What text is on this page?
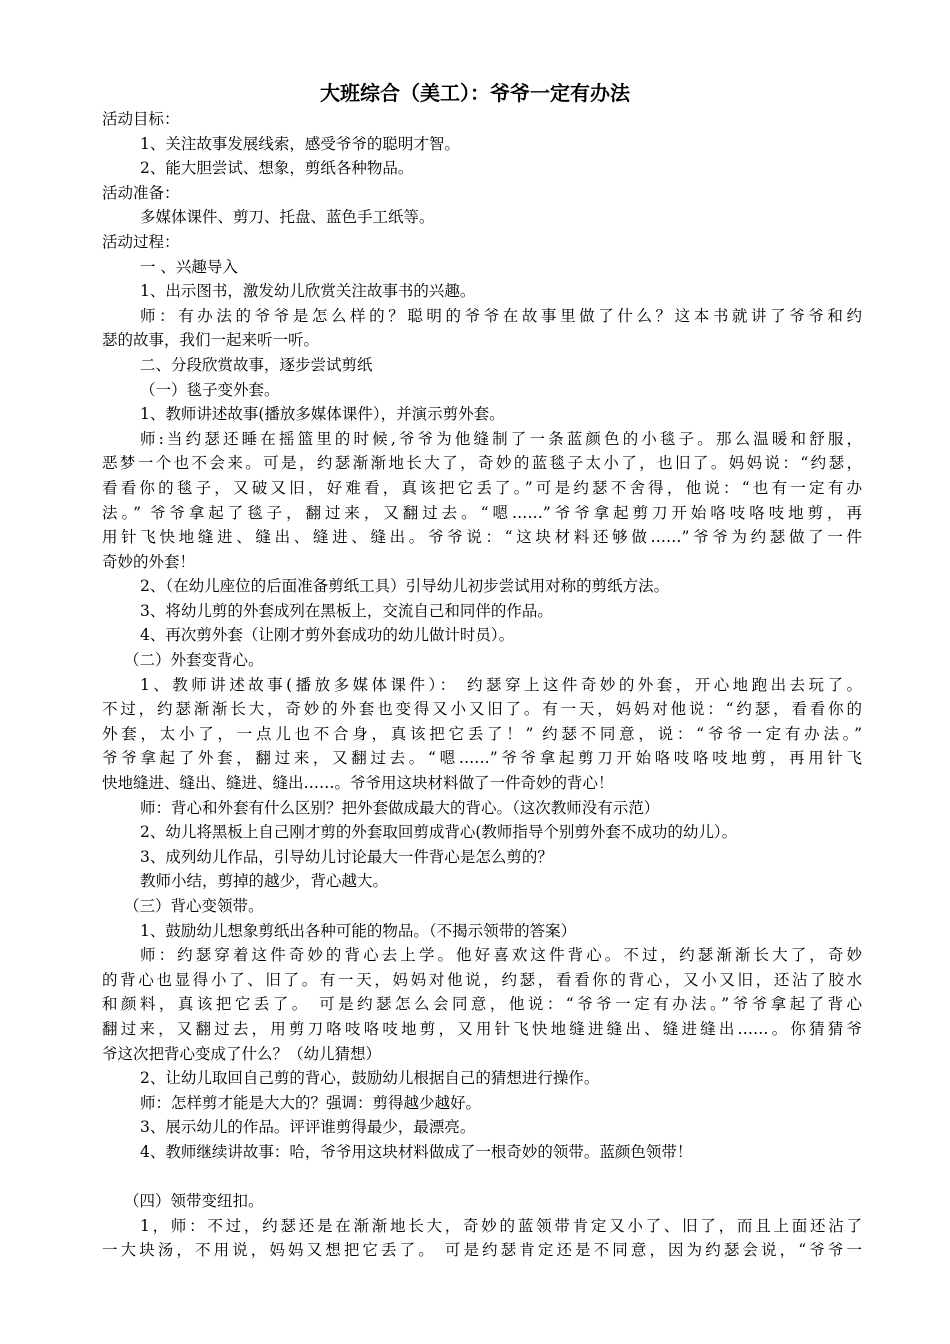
大班综合（美工）：爷爷一定有办法
活动目标：
1、关注故事发展线索，感受爷爷的聪明才智。
2、能大胆尝试、想象，剪纸各种物品。
活动准备：
多媒体课件、剪刀、托盘、蓝色手工纸等。
活动过程：
一 、兴趣导入
1、出示图书，激发幼儿欣赏关注故事书的兴趣。
师：有办法的爷爷是怎么样的？聪明的爷爷在故事里做了什么？这本书就讲了爷爷和约
瑟的故事，我们一起来听一听。
二、分段欣赏故事，逐步尝试剪纸
（一）毯子变外套。
1、教师讲述故事(播放多媒体课件），并演示剪外套。
师:当约瑟还睡在摇篮里的时候,爷爷为他缝制了一条蓝颜色的小毯子。那么温暖和舒服，
恶梦一个也不会来。可是，约瑟渐渐地长大了，奇妙的蓝毯子太小了，也旧了。妈妈说：“约瑟，
看看你的毯子，又破又旧，好难看，真该把它丢了。”可是约瑟不舍得，他说：“也有一定有办
法。” 爷爷拿起了毯子，翻过来，又翻过去。“嗯……”爷爷拿起剪刀开始咯吱咯吱地剪，再
用针飞快地缝进、缝出、缝进、缝出。爷爷说：“这块材料还够做……”爷爷为约瑟做了一件
奇妙的外套！
2、（在幼儿座位的后面准备剪纸工具）引导幼儿初步尝试用对称的剪纸方法。
3、将幼儿剪的外套成列在黑板上，交流自己和同伴的作品。
4、再次剪外套（让刚才剪外套成功的幼儿做计时员）。
（二）外套变背心。
1、教师讲述故事(播放多媒体课件）： 约瑟穿上这件奇妙的外套，开心地跑出去玩了。
不过，约瑟渐渐长大，奇妙的外套也变得又小又旧了。有一天，妈妈对他说：“约瑟，看看你的
外套，太小了，一点儿也不合身，真该把它丢了！” 约瑟不同意，说：“爷爷一定有办法。”
爷爷拿起了外套，翻过来，又翻过去。“嗯……”爷爷拿起剪刀开始咯吱咯吱地剪，再用针飞
快地缝进、缝出、缝进、缝出……。爷爷用这块材料做了一件奇妙的背心！
师：背心和外套有什么区别？把外套做成最大的背心。（这次教师没有示范）
2、幼儿将黑板上自己刚才剪的外套取回剪成背心(教师指导个别剪外套不成功的幼儿）。
3、成列幼儿作品，引导幼儿讨论最大一件背心是怎么剪的？
教师小结，剪掉的越少，背心越大。
（三）背心变领带。
1、鼓励幼儿想象剪纸出各种可能的物品。（不揭示领带的答案）
师：约瑟穿着这件奇妙的背心去上学。他好喜欢这件背心。不过，约瑟渐渐长大了，奇妙
的背心也显得小了、旧了。有一天，妈妈对他说，约瑟，看看你的背心，又小又旧，还沾了胶水
和颜料，真该把它丢了。 可是约瑟怎么会同意，他说：“爷爷一定有办法。”爷爷拿起了背心
翻过来，又翻过去，用剪刀咯吱咯吱地剪，又用针飞快地缝进缝出、缝进缝出……。你猜猜爷
爷这次把背心变成了什么？（幼儿猜想）
2、让幼儿取回自己剪的背心，鼓励幼儿根据自己的猜想进行操作。
师：怎样剪才能是大大的？强调：剪得越少越好。
3、展示幼儿的作品。评评谁剪得最少，最漂亮。
4、教师继续讲故事：哈，爷爷用这块材料做成了一根奇妙的领带。蓝颜色领带！
（四）领带变纽扣。
1，师：不过，约瑟还是在渐渐地长大，奇妙的蓝领带肯定又小了、旧了，而且上面还沾了
一大块汤，不用说，妈妈又想把它丢了。 可是约瑟肯定还是不同意，因为约瑟会说，“爷爷一
